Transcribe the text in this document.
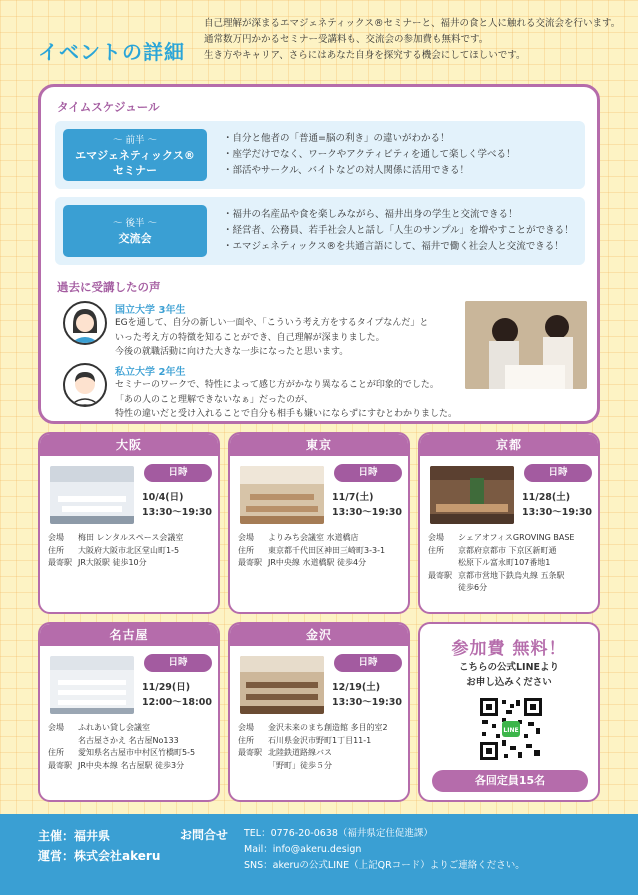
イベントの詳細
自己理解が深まるエマジェネティックス®セミナーと、福井の食と人に触れる交流会を行います。
通常数万円かかるセミナー受講料も、交流会の参加費も無料です。
生き方やキャリア、さらにはあなた自身を探究する機会にしてほしいです。
タイムスケジュール
〜 前半 〜
エマジェネティックス®
セミナー
・自分と他者の「普通=脳の利き」の違いがわかる！
・座学だけでなく、ワークやアクティビティを通して楽しく学べる！
・部活やサークル、バイトなどの対人関係に活用できる！
〜 後半 〜
交流会
・福井の名産品や食を楽しみながら、福井出身の学生と交流できる！
・経営者、公務員、若手社会人と話し「人生のサンプル」を増やすことができる！
・エマジェネティックス®を共通言語にして、福井で働く社会人と交流できる！
過去に受講したの声
国立大学 3年生
EGを通して、自分の新しい一面や、「こういう考え方をするタイプなんだ」と
いった考え方の特徴を知ることができ、自己理解が深まりました。
今後の就職活動に向けた大きな一歩になったと思います。
私立大学 2年生
セミナーのワークで、特性によって感じ方がかなり異なることが印象的でした。
「あの人のこと理解できないなぁ」だったのが、
特性の違いだと受け入れることで自分も相手も嫌いにならずにすむとわかりました。
大阪
日時
10/4(日)
13:30〜19:30
会場	梅田 レンタルスペース会議室
住所	大阪府大阪市北区堂山町1-5
最寄駅 JR大阪駅 徒歩10分
東京
日時
11/7(土)
13:30〜19:30
会場	よりみち会議室 水道橋店
住所	東京都千代田区神田三崎町3-3-1
最寄駅 JR中央線 水道橋駅 徒歩4分
京都
日時
11/28(土)
13:30〜19:30
会場	シェアオフィスGROVING BASE
住所	京都府京都市 下京区新町通
松原下ル富永町107番地1
最寄駅 京都市営地下鉄烏丸線 五条駅
徒歩6分
名古屋
日時
11/29(日)
12:00〜18:00
会場	ふれあい貸し会議室
名古屋さかえ 名古屋No133
住所	愛知県名古屋市中村区竹橋町5-5
最寄駅 JR中央本線 名古屋駅 徒歩3分
金沢
日時
12/19(土)
13:30〜19:30
会場	金沢未来のまち創造館 多目的室2
住所	石川県金沢市野町1丁目11-1
最寄駅 北陸鉄道路線バス
「野町」徒歩５分
参加費 無料！
こちらの公式LINEより
お申し込みください
LINE
各回定員15名
主催：福井県
運営：株式会社akeru
お問合せ TEL：0776-20-0638（福井県定住促進課）
Mail：info@akeru.design
SNS：akeruの公式LINE（上記QRコード）よりご連絡ください。
